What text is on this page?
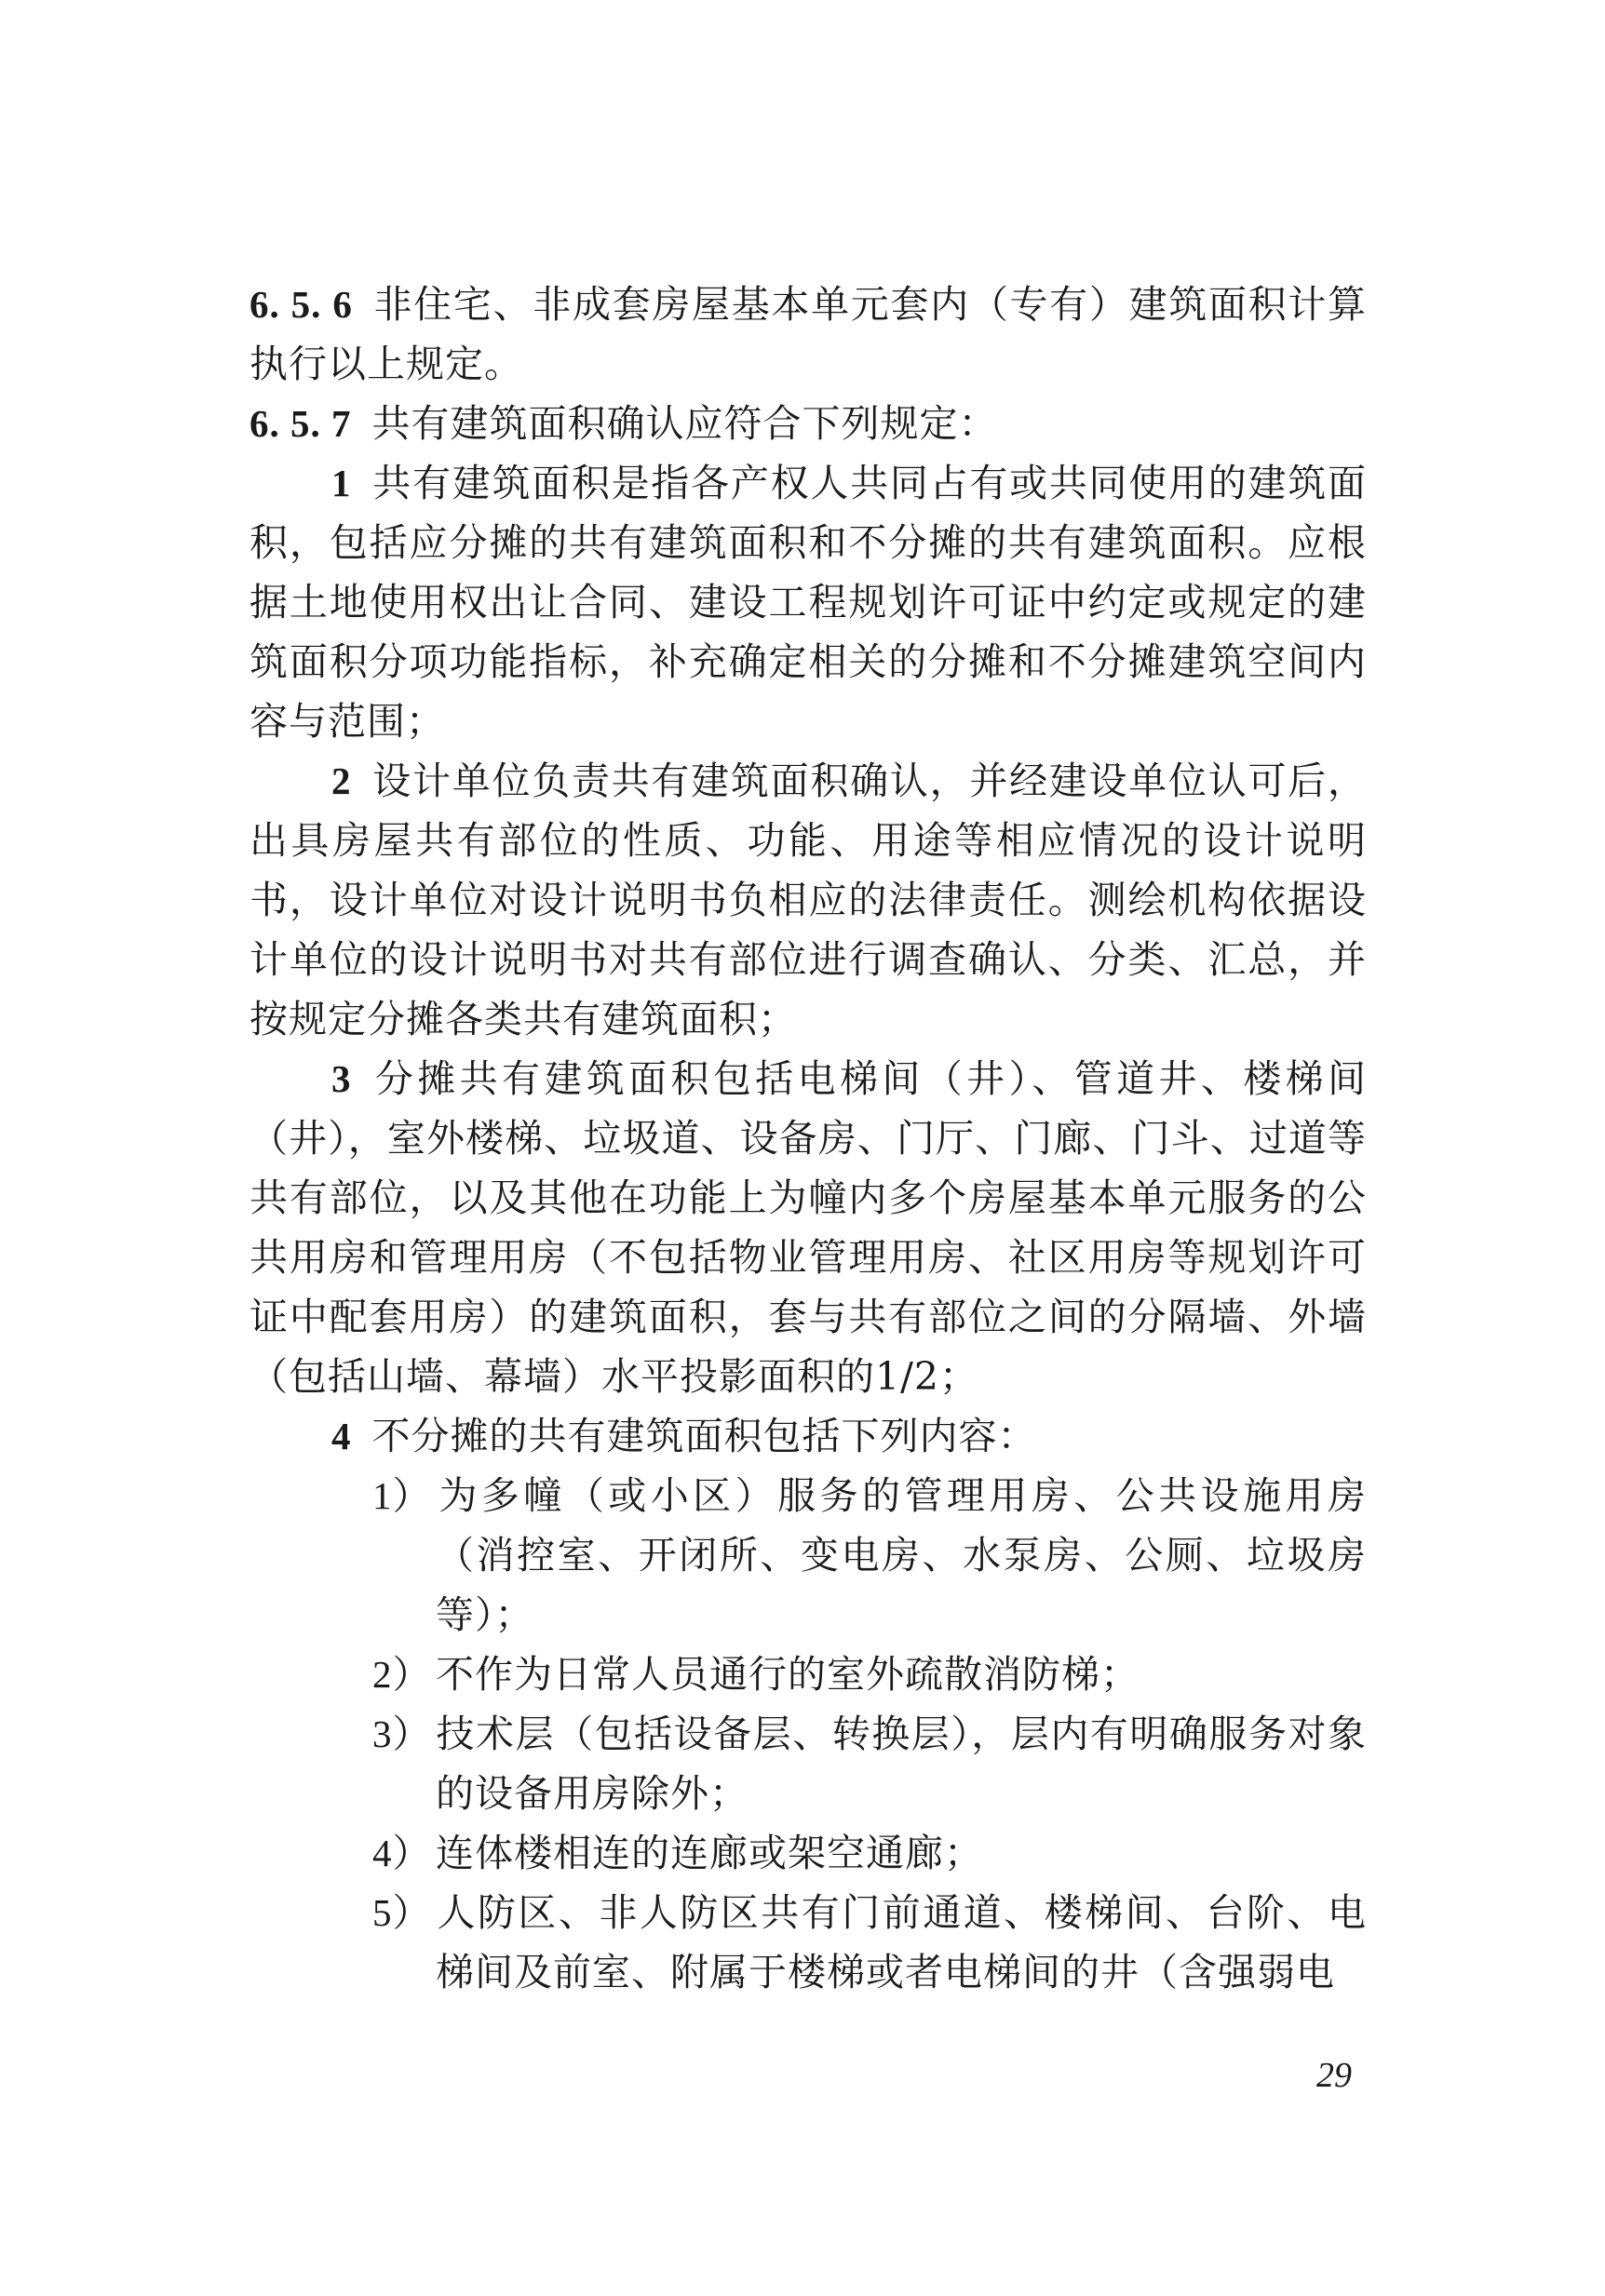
6. 5. 6 非住宅、非成套房屋基本单元套内（专有）建筑面积计算执行以上规定。

6. 5. 7 共有建筑面积确认应符合下列规定：

1 共有建筑面积是指各产权人共同占有或共同使用的建筑面积，包括应分摊的共有建筑面积和不分摊的共有建筑面积。应根据土地使用权出让合同、建设工程规划许可证中约定或规定的建筑面积分项功能指标，补充确定相关的分摊和不分摊建筑空间内容与范围；

2 设计单位负责共有建筑面积确认，并经建设单位认可后，出具房屋共有部位的性质、功能、用途等相应情况的设计说明书，设计单位对设计说明书负相应的法律责任。测绘机构依据设计单位的设计说明书对共有部位进行调查确认、分类、汇总，并按规定分摊各类共有建筑面积；

3 分摊共有建筑面积包括电梯间（井）、管道井、楼梯间（井），室外楼梯、垃圾道、设备房、门厅、门廊、门斗、过道等共有部位，以及其他在功能上为幢内多个房屋基本单元服务的公共用房和管理用房（不包括物业管理用房、社区用房等规划许可证中配套用房）的建筑面积，套与共有部位之间的分隔墙、外墙（包括山墙、幕墙）水平投影面积的1/2；

4 不分摊的共有建筑面积包括下列内容：

1） 为多幢（或小区）服务的管理用房、公共设施用房（消控室、开闭所、变电房、水泵房、公厕、垃圾房等）；

2） 不作为日常人员通行的室外疏散消防梯；

3） 技术层（包括设备层、转换层），层内有明确服务对象的设备用房除外；

4） 连体楼相连的连廊或架空通廊；

5） 人防区、非人防区共有门前通道、楼梯间、台阶、电梯间及前室、附属于楼梯或者电梯间的井（含强弱电

29
